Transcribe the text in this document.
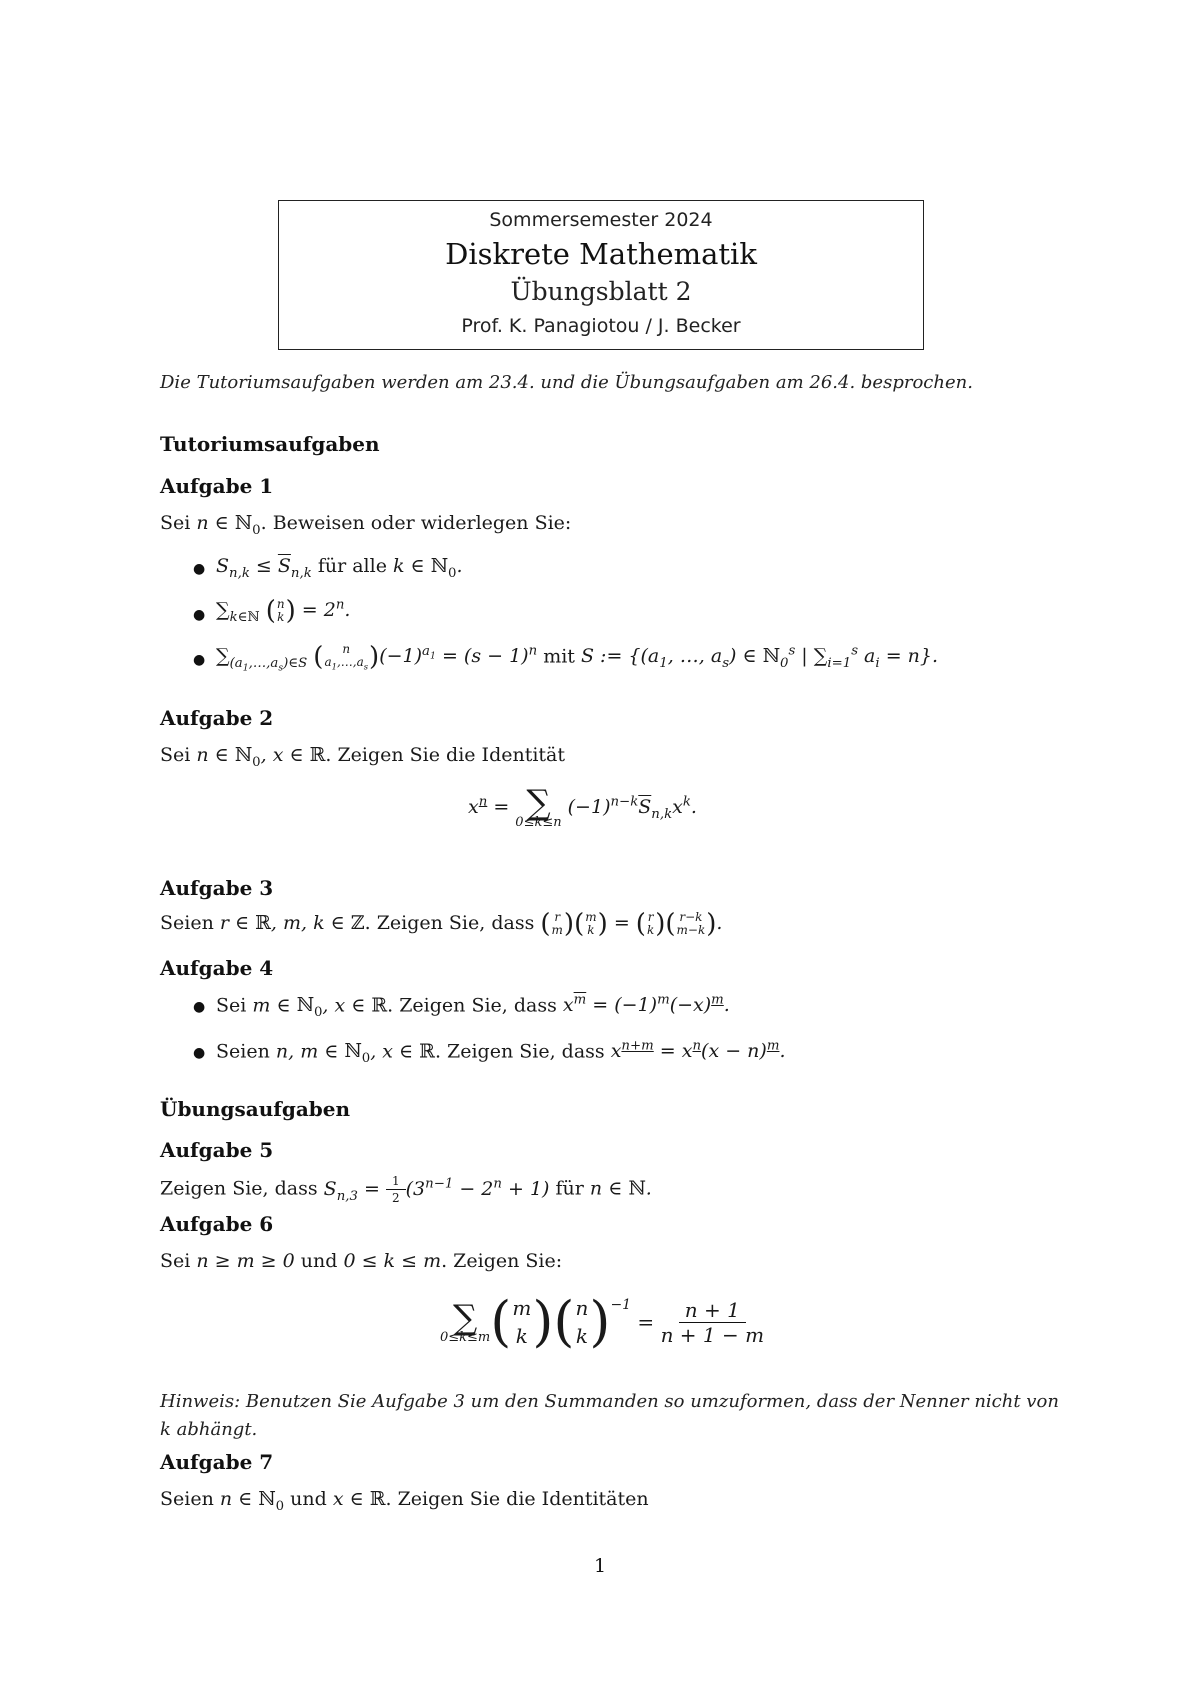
Sommersemester 2024
Diskrete Mathematik
Übungsblatt 2
Prof. K. Panagiotou / J. Becker
Die Tutoriumsaufgaben werden am 23.4. und die Übungsaufgaben am 26.4. besprochen.
Tutoriumsaufgaben
Aufgabe 1
Sei n ∈ ℕ$_0$. Beweisen oder widerlegen Sie:
● $S_{n,k} \le \overline{S}_{n,k}$ für alle k ∈ ℕ$_0$.
● $\sum_{k\in ℕ}$ ( n
k ) = $2^n$.
● $\sum_{(a_1,\dots,a_s)\in S}$ ( n
$a_1,\dots,a_s$ ) $(-1)^{a_1} = (s - 1)^n$ mit S := {($a_1$, …, $a_s$) ∈ ℕ$_0^s$ | $\sum_{i=1}^s$ $a_i = n$}.
Aufgabe 2
Sei n ∈ ℕ$_0$, x ∈ ℝ. Zeigen Sie die Identität
$x^n$ = ∑
0≤k≤n
$(-1)^{n-k}\overline{S}_{n,k}x^k$.
Aufgabe 3
Seien r ∈ ℝ, m, k ∈ ℤ. Zeigen Sie, dass ( r
m ) ( m
k ) = ( r
k ) ( r−k
m−k ) .
Aufgabe 4
● Sei m ∈ ℕ$_0$, x ∈ ℝ. Zeigen Sie, dass $x^{\overline{m}} = (-1)^m(-x)^m$.
● Seien n, m ∈ ℕ$_0$, x ∈ ℝ. Zeigen Sie, dass $x^{n+m} = x^n(x - n)^m$.
Übungsaufgaben
Aufgabe 5
Zeigen Sie, dass $S_{n,3} = \frac{1}{2} (3^{n-1} - 2^n + 1)$ für n ∈ ℕ.
Aufgabe 6
Sei n ≥ m ≥ 0 und 0 ≤ k ≤ m. Zeigen Sie:
∑
0≤k≤m ( m
k ) ( n
k )$^{-1}$
= $\frac{n + 1}{n + 1 - m}$
Hinweis: Benutzen Sie Aufgabe 3 um den Summanden so umzuformen, dass der Nenner nicht von k abhängt.
Aufgabe 7
Seien n ∈ ℕ$_0$ und x ∈ ℝ. Zeigen Sie die Identitäten
1
